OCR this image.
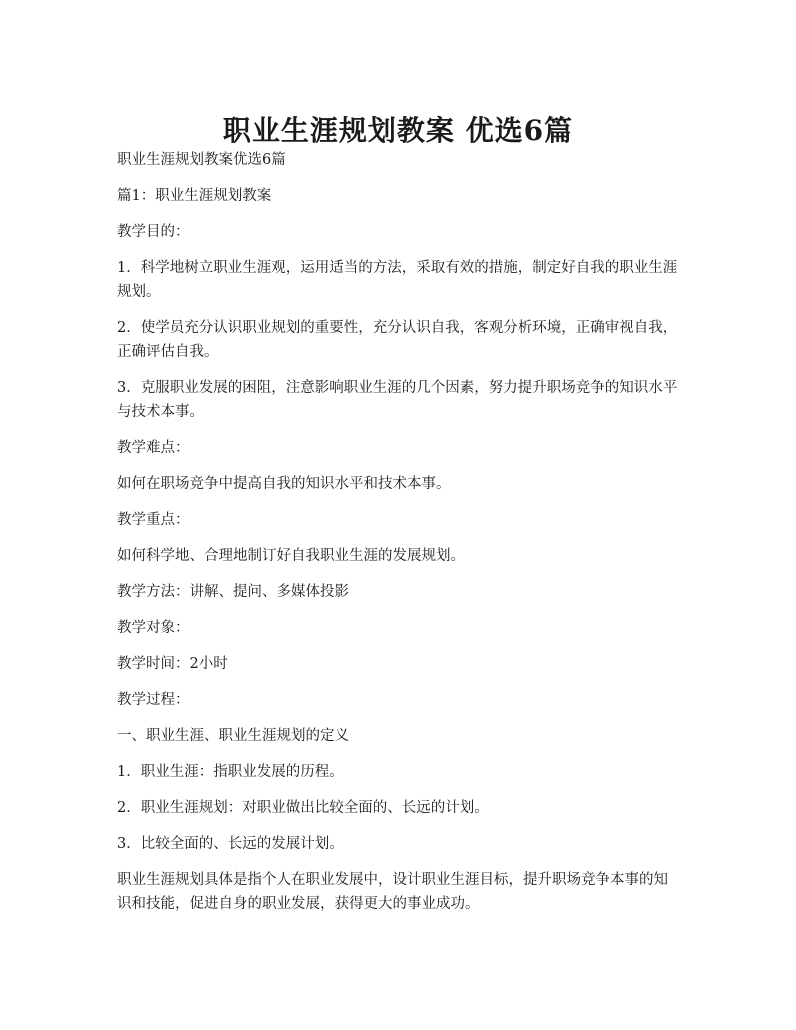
职业生涯规划教案 优选6篇

职业生涯规划教案优选6篇

篇1：职业生涯规划教案

教学目的：

1．科学地树立职业生涯观，运用适当的方法，采取有效的措施，制定好自我的职业生涯规划。

2．使学员充分认识职业规划的重要性，充分认识自我，客观分析环境，正确审视自我，正确评估自我。

3．克服职业发展的困阻，注意影响职业生涯的几个因素，努力提升职场竞争的知识水平与技术本事。

教学难点：

如何在职场竞争中提高自我的知识水平和技术本事。

教学重点：

如何科学地、合理地制订好自我职业生涯的发展规划。

教学方法：讲解、提问、多媒体投影

教学对象：

教学时间：2小时

教学过程：

一、职业生涯、职业生涯规划的定义

1．职业生涯：指职业发展的历程。

2．职业生涯规划：对职业做出比较全面的、长远的计划。

3．比较全面的、长远的发展计划。

职业生涯规划具体是指个人在职业发展中，设计职业生涯目标，提升职场竞争本事的知识和技能，促进自身的职业发展，获得更大的事业成功。
